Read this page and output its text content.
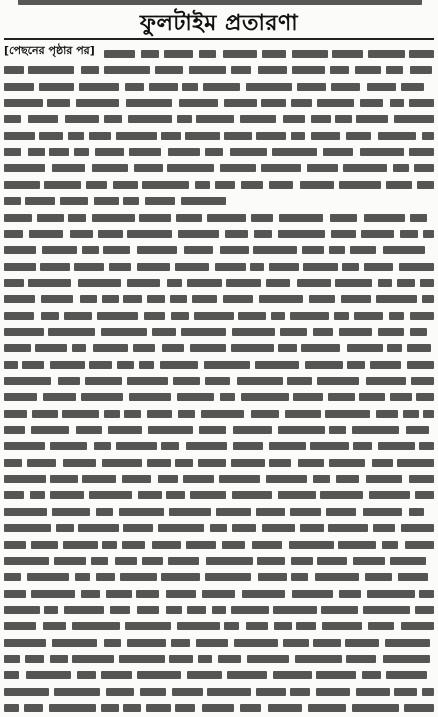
ফুলটাইম প্রতারণা
[পেছনের পৃষ্ঠার পর]
